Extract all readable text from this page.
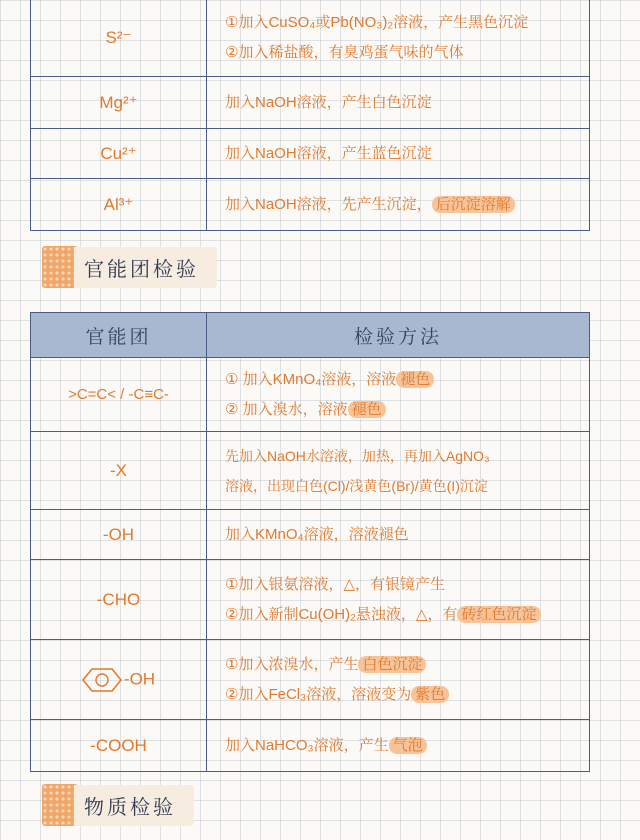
S²⁻	①加入CuSO₄或Pb(NO₃)₂溶液，产生黑色沉淀
②加入稀盐酸，有臭鸡蛋气味的气体

Mg²⁺	加入NaOH溶液，产生白色沉淀

Cu²⁺	加入NaOH溶液，产生蓝色沉淀

Al³⁺	加入NaOH溶液，先产生沉淀， 后沉淀溶解
官能团检验
官能团	检验方法
>C=C< / -C≡C-	① 加入KMnO₄溶液，溶液 褪色
② 加入溴水，溶液 褪色

-X	先加入NaOH水溶液，加热，再加入AgNO₃
溶液，出现白色(Cl)/浅黄色(Br)/黄色(I)沉淀

-OH	加入KMnO₄溶液，溶液褪色

-CHO	①加入银氨溶液，△，有银镜产生
②加入新制Cu(OH)₂悬浊液，△，有 砖红色沉淀

-OH	①加入浓溴水，产生 白色沉淀
②加入FeCl₃溶液，溶液变为 紫色

-COOH	加入NaHCO₃溶液，产生 气泡
物质检验
